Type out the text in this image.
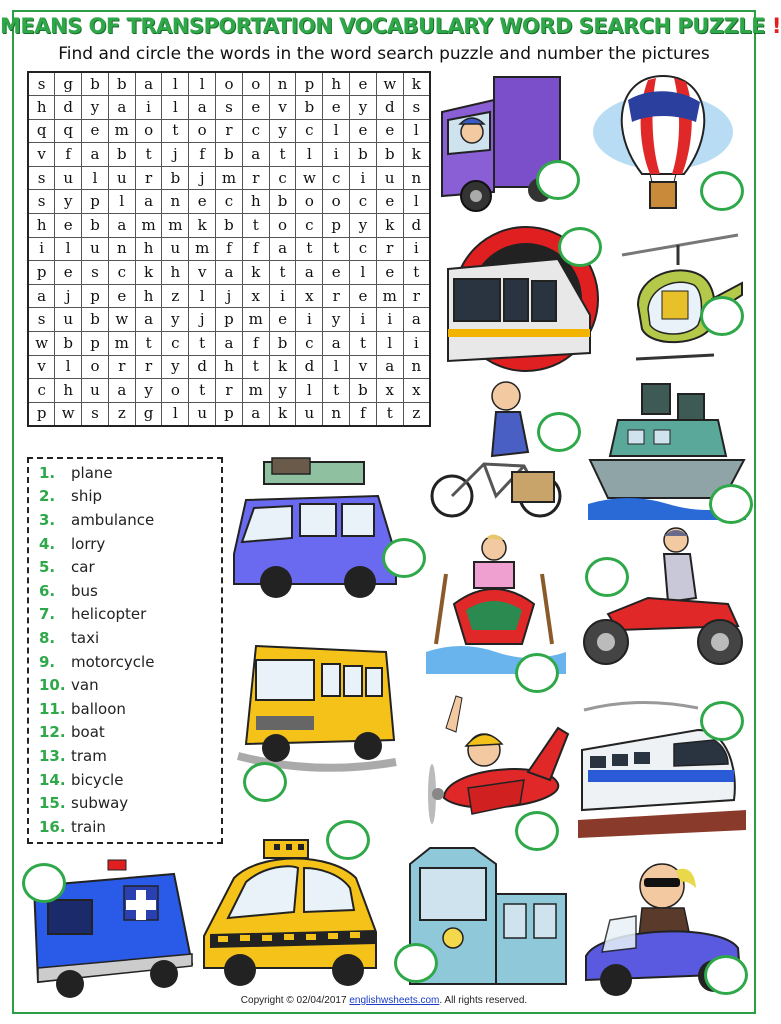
MEANS OF TRANSPORTATION VOCABULARY WORD SEARCH PUZZLE !
Find and circle the words in the word search puzzle and number the pictures
s	g	b	b	a	l	l	o	o	n	p	h	e	w	k
h	d	y	a	i	l	a	s	e	v	b	e	y	d	s
q	q	e	m	o	t	o	r	c	y	c	l	e	e	l
v	f	a	b	t	j	f	b	a	t	l	i	b	b	k
s	u	l	u	r	b	j	m	r	c	w	c	i	u	n
s	y	p	l	a	n	e	c	h	b	o	o	c	e	l
h	e	b	a	m	m	k	b	t	o	c	p	y	k	d
i	l	u	n	h	u	m	f	f	a	t	t	c	r	i
p	e	s	c	k	h	v	a	k	t	a	e	l	e	t
a	j	p	e	h	z	l	j	x	i	x	r	e	m	r
s	u	b	w	a	y	j	p	m	e	i	y	i	i	a
w	b	p	m	t	c	t	a	f	b	c	a	t	l	i
v	l	o	r	r	y	d	h	t	k	d	l	v	a	n
c	h	u	a	y	o	t	r	m	y	l	t	b	x	x
p	w	s	z	g	l	u	p	a	k	u	n	f	t	z
1.	plane
2.	ship
3.	ambulance
4.	lorry
5.	car
6.	bus
7.	helicopter
8.	taxi
9.	motorcycle
10. van
11. balloon
12. boat
13. tram
14. bicycle
15. subway
16. train
Copyright © 02/04/2017 englishwsheets.com. All rights reserved.
